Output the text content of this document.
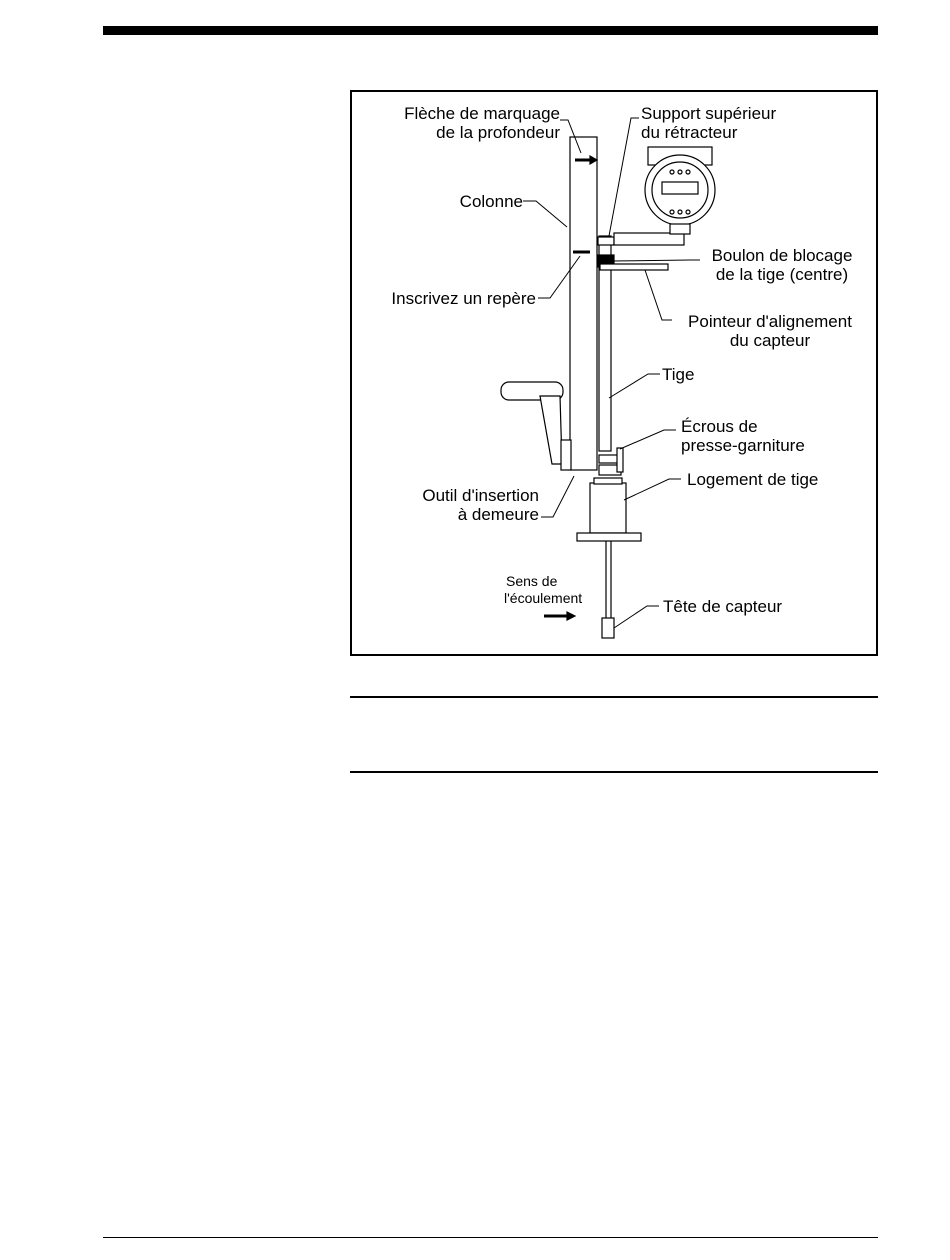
Flèche de marquage
de la profondeur
Support supérieur
du rétracteur
Colonne
Boulon de blocage
de la tige (centre)
Inscrivez un repère
Pointeur d'alignement
du capteur
Tige
Écrous de
presse-garniture
Logement de tige
Outil d'insertion
à demeure
Sens de
l'écoulement	Tête de capteur
